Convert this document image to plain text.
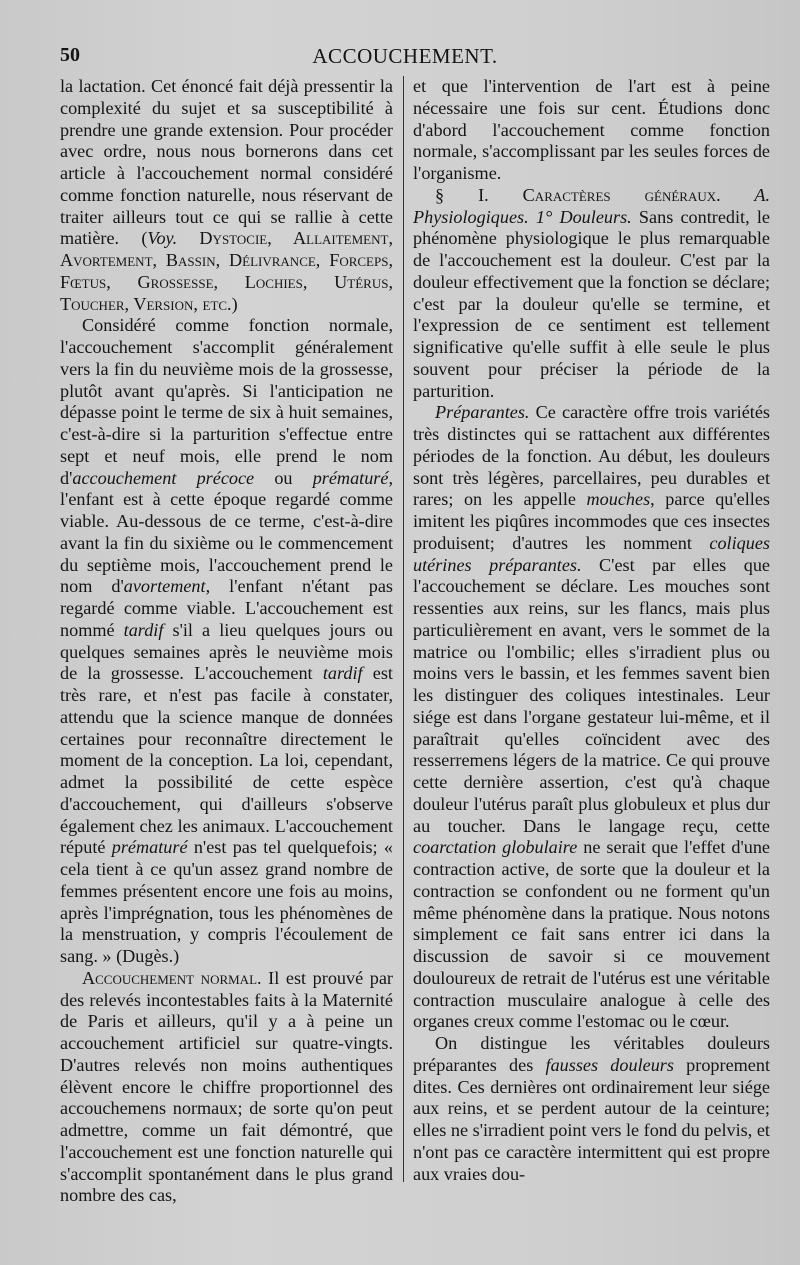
50	ACCOUCHEMENT.

la lactation. Cet énoncé fait déjà pressentir la complexité du sujet et sa susceptibilité à prendre une grande extension. Pour procéder avec ordre, nous nous bornerons dans cet article à l'accouchement normal considéré comme fonction naturelle, nous réservant de traiter ailleurs tout ce qui se rallie à cette matière. (Voy. Dystocie, Allaitement, Avortement, Bassin, Délivrance, Forceps, Fœtus, Grossesse, Lochies, Utérus, Toucher, Version, etc.)

Considéré comme fonction normale, l'accouchement s'accomplit généralement vers la fin du neuvième mois de la grossesse, plutôt avant qu'après. Si l'anticipation ne dépasse point le terme de six à huit semaines, c'est-à-dire si la parturition s'effectue entre sept et neuf mois, elle prend le nom d'accouchement précoce ou prématuré, l'enfant est à cette époque regardé comme viable. Au-dessous de ce terme, c'est-à-dire avant la fin du sixième ou le commencement du septième mois, l'accouchement prend le nom d'avortement, l'enfant n'étant pas regardé comme viable. L'accouchement est nommé tardif s'il a lieu quelques jours ou quelques semaines après le neuvième mois de la grossesse. L'accouchement tardif est très rare, et n'est pas facile à constater, attendu que la science manque de données certaines pour reconnaître directement le moment de la conception. La loi, cependant, admet la possibilité de cette espèce d'accouchement, qui d'ailleurs s'observe également chez les animaux. L'accouchement réputé prématuré n'est pas tel quelquefois; « cela tient à ce qu'un assez grand nombre de femmes présentent encore une fois au moins, après l'imprégnation, tous les phénomènes de la menstruation, y compris l'écoulement de sang. » (Dugès.)

Accouchement normal. Il est prouvé par des relevés incontestables faits à la Maternité de Paris et ailleurs, qu'il y a à peine un accouchement artificiel sur quatre-vingts. D'autres relevés non moins authentiques élèvent encore le chiffre proportionnel des accouchemens normaux; de sorte qu'on peut admettre, comme un fait démontré, que l'accouchement est une fonction naturelle qui s'accomplit spontanément dans le plus grand nombre des cas,

et que l'intervention de l'art est à peine nécessaire une fois sur cent. Étudions donc d'abord l'accouchement comme fonction normale, s'accomplissant par les seules forces de l'organisme.

§ I. Caractères généraux. A. Physiologiques. 1° Douleurs. Sans contredit, le phénomène physiologique le plus remarquable de l'accouchement est la douleur. C'est par la douleur effectivement que la fonction se déclare; c'est par la douleur qu'elle se termine, et l'expression de ce sentiment est tellement significative qu'elle suffit à elle seule le plus souvent pour préciser la période de la parturition.

Préparantes. Ce caractère offre trois variétés très distinctes qui se rattachent aux différentes périodes de la fonction. Au début, les douleurs sont très légères, parcellaires, peu durables et rares; on les appelle mouches, parce qu'elles imitent les piqûres incommodes que ces insectes produisent; d'autres les nomment coliques utérines préparantes. C'est par elles que l'accouchement se déclare. Les mouches sont ressenties aux reins, sur les flancs, mais plus particulièrement en avant, vers le sommet de la matrice ou l'ombilic; elles s'irradient plus ou moins vers le bassin, et les femmes savent bien les distinguer des coliques intestinales. Leur siége est dans l'organe gestateur lui-même, et il paraîtrait qu'elles coïncident avec des resserremens légers de la matrice. Ce qui prouve cette dernière assertion, c'est qu'à chaque douleur l'utérus paraît plus globuleux et plus dur au toucher. Dans le langage reçu, cette coarctation globulaire ne serait que l'effet d'une contraction active, de sorte que la douleur et la contraction se confondent ou ne forment qu'un même phénomène dans la pratique. Nous notons simplement ce fait sans entrer ici dans la discussion de savoir si ce mouvement douloureux de retrait de l'utérus est une véritable contraction musculaire analogue à celle des organes creux comme l'estomac ou le cœur.

On distingue les véritables douleurs préparantes des fausses douleurs proprement dites. Ces dernières ont ordinairement leur siége aux reins, et se perdent autour de la ceinture; elles ne s'irradient point vers le fond du pelvis, et n'ont pas ce caractère intermittent qui est propre aux vraies dou-
